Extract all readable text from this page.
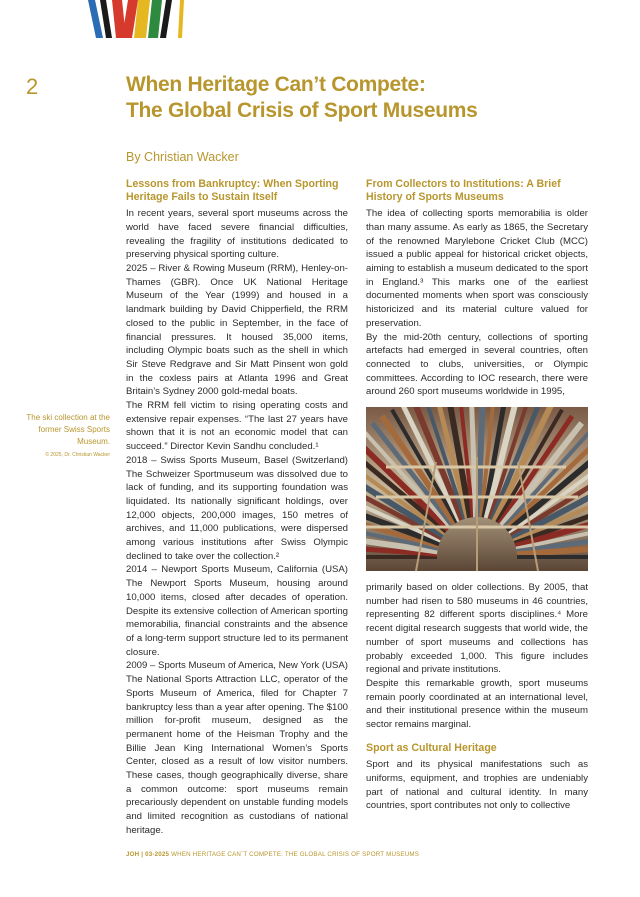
2	When Heritage Can’t Compete:
The Global Crisis of Sport Museums
By Christian Wacker
The ski collection at the
former Swiss Sports
Museum.
© 2025, Dr. Christian Wacker
Lessons from Bankruptcy: When Sporting Heritage Fails to Sustain Itself

In recent years, several sport museums across the world have faced severe financial difficulties, revealing the fragility of institutions dedicated to preserving physical sporting culture.

2025 – River & Rowing Museum (RRM), Henley-on-Thames (GBR). Once UK National Heritage Museum of the Year (1999) and housed in a landmark building by David Chipperfield, the RRM closed to the public in September, in the face of financial pressures. It housed 35,000 items, including Olympic boats such as the shell in which Sir Steve Redgrave and Sir Matt Pinsent won gold in the coxless pairs at Atlanta 1996 and Great Britain’s Sydney 2000 gold-medal boats.

The RRM fell victim to rising operating costs and extensive repair expenses. “The last 27 years have shown that it is not an economic model that can succeed.” Director Kevin Sandhu concluded.¹

2018 – Swiss Sports Museum, Basel (Switzerland) The Schweizer Sportmuseum was dissolved due to lack of funding, and its supporting foundation was liquidated. Its nationally significant holdings, over 12,000 objects, 200,000 images, 150 metres of archives, and 11,000 publications, were dispersed among various institutions after Swiss Olympic declined to take over the collection.²

2014 – Newport Sports Museum, California (USA) The Newport Sports Museum, housing around 10,000 items, closed after decades of operation. Despite its extensive collection of American sporting memorabilia, financial constraints and the absence of a long-term support structure led to its permanent closure.

2009 – Sports Museum of America, New York (USA) The National Sports Attraction LLC, operator of the Sports Museum of America, filed for Chapter 7 bankruptcy less than a year after opening. The $100 million for-profit museum, designed as the permanent home of the Heisman Trophy and the Billie Jean King International Women’s Sports Center, closed as a result of low visitor numbers. These cases, though geographically diverse, share a common outcome: sport museums remain precariously dependent on unstable funding models and limited recognition as custodians of national heritage.

From Collectors to Institutions: A Brief History of Sports Museums

The idea of collecting sports memorabilia is older than many assume. As early as 1865, the Secretary of the renowned Marylebone Cricket Club (MCC) issued a public appeal for historical cricket objects, aiming to establish a museum dedicated to the sport in England.³ This marks one of the earliest documented moments when sport was consciously historicized and its material culture valued for preservation.

By the mid-20th century, collections of sporting artefacts had emerged in several countries, often connected to clubs, universities, or Olympic committees. According to IOC research, there were around 260 sport museums worldwide in 1995,

primarily based on older collections. By 2005, that number had risen to 580 museums in 46 countries, representing 82 different sports disciplines.⁴ More recent digital research suggests that world wide, the number of sport museums and collections has probably exceeded 1,000. This figure includes regional and private institutions.

Despite this remarkable growth, sport museums remain poorly coordinated at an international level, and their institutional presence within the museum sector remains marginal.

Sport as Cultural Heritage

Sport and its physical manifestations such as uniforms, equipment, and trophies are undeniably part of national and cultural identity. In many countries, sport contributes not only to collective

JOH | 03-2025 WHEN HERITAGE CAN´T COMPETE: THE GLOBAL CRISIS OF SPORT MUSEUMS
